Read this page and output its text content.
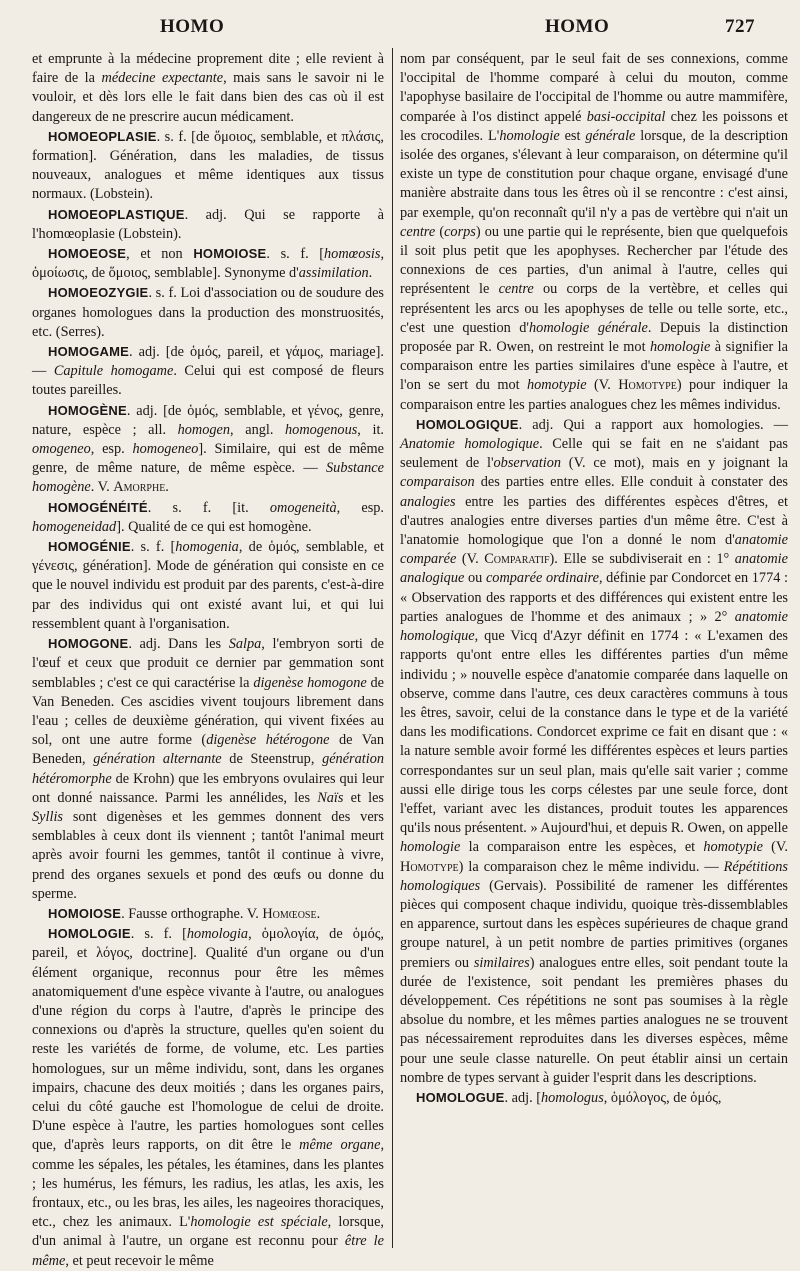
HOMO	HOMO	727

et emprunte à la médecine proprement dite ; elle revient à faire de la médecine expectante, mais sans le savoir ni le vouloir, et dès lors elle le fait dans bien des cas où il est dangereux de ne prescrire aucun médicament.

HOMOEOPLASIE. s. f. [de ὅμοιος, semblable, et πλάσις, formation]. Génération, dans les maladies, de tissus nouveaux, analogues et même identiques aux tissus normaux. (Lobstein).

HOMOEOPLASTIQUE. adj. Qui se rapporte à l'homœoplasie (Lobstein).

HOMOEOSE, et non HOMOIOSE. s. f. [homœosis, ὁμοίωσις, de ὅμοιος, semblable]. Synonyme d'assimilation.

HOMOEOZYGIE. s. f. Loi d'association ou de soudure des organes homologues dans la production des monstruosités, etc. (Serres).

HOMOGAME. adj. [de ὁμός, pareil, et γάμος, mariage]. — Capitule homogame. Celui qui est composé de fleurs toutes pareilles.

HOMOGÈNE. adj. [de ὁμός, semblable, et γένος, genre, nature, espèce ; all. homogen, angl. homogenous, it. omogeneo, esp. homogeneo]. Similaire, qui est de même genre, de même nature, de même espèce. — Substance homogène. V. Amorphe.

HOMOGÉNÉITÉ. s. f. [it. omogeneità, esp. homogeneidad]. Qualité de ce qui est homogène.

HOMOGÉNIE. s. f. [homogenia, de ὁμός, semblable, et γένεσις, génération]. Mode de génération qui consiste en ce que le nouvel individu est produit par des parents, c'est-à-dire par des individus qui ont existé avant lui, et qui lui ressemblent quant à l'organisation.

HOMOGONE. adj. Dans les Salpa, l'embryon sorti de l'œuf et ceux que produit ce dernier par gemmation sont semblables ; c'est ce qui caractérise la digenèse homogone de Van Beneden. Ces ascidies vivent toujours librement dans l'eau ; celles de deuxième génération, qui vivent fixées au sol, ont une autre forme (digenèse hétérogone de Van Beneden, génération alternante de Steenstrup, génération hétéromorphe de Krohn) que les embryons ovulaires qui leur ont donné naissance. Parmi les annélides, les Naïs et les Syllis sont digenèses et les gemmes donnent des vers semblables à ceux dont ils viennent ; tantôt l'animal meurt après avoir fourni les gemmes, tantôt il continue à vivre, prend des organes sexuels et pond des œufs ou donne du sperme.

HOMOIOSE. Fausse orthographe. V. Homœose.

HOMOLOGIE. s. f. [homologia, ὁμολογία, de ὁμός, pareil, et λόγος, doctrine]. Qualité d'un organe ou d'un élément organique, reconnus pour être les mêmes anatomiquement d'une espèce vivante à l'autre, ou analogues d'une région du corps à l'autre, d'après le principe des connexions ou d'après la structure, quelles qu'en soient du reste les variétés de forme, de volume, etc. Les parties homologues, sur un même individu, sont, dans les organes impairs, chacune des deux moitiés ; dans les organes pairs, celui du côté gauche est l'homologue de celui de droite. D'une espèce à l'autre, les parties homologues sont celles que, d'après leurs rapports, on dit être le même organe, comme les sépales, les pétales, les étamines, dans les plantes ; les humérus, les fémurs, les radius, les atlas, les axis, les frontaux, etc., ou les bras, les ailes, les nageoires thoraciques, etc., chez les animaux. L'homologie est spéciale, lorsque, d'un animal à l'autre, un organe est reconnu pour être le même, et peut recevoir le même

nom par conséquent, par le seul fait de ses connexions, comme l'occipital de l'homme comparé à celui du mouton, comme l'apophyse basilaire de l'occipital de l'homme ou autre mammifère, comparée à l'os distinct appelé basi-occipital chez les poissons et les crocodiles. L'homologie est générale lorsque, de la description isolée des organes, s'élevant à leur comparaison, on détermine qu'il existe un type de constitution pour chaque organe, envisagé d'une manière abstraite dans tous les êtres où il se rencontre : c'est ainsi, par exemple, qu'on reconnaît qu'il n'y a pas de vertèbre qui n'ait un centre (corps) ou une partie qui le représente, bien que quelquefois il soit plus petit que les apophyses. Rechercher par l'étude des connexions de ces parties, d'un animal à l'autre, celles qui représentent le centre ou corps de la vertèbre, et celles qui représentent les arcs ou les apophyses de telle ou telle sorte, etc., c'est une question d'homologie générale. Depuis la distinction proposée par R. Owen, on restreint le mot homologie à signifier la comparaison entre les parties similaires d'une espèce à l'autre, et l'on se sert du mot homotypie (V. Homotype) pour indiquer la comparaison entre les parties analogues chez les mêmes individus.

HOMOLOGIQUE. adj. Qui a rapport aux homologies. — Anatomie homologique. Celle qui se fait en ne s'aidant pas seulement de l'observation (V. ce mot), mais en y joignant la comparaison des parties entre elles. Elle conduit à constater des analogies entre les parties des différentes espèces d'êtres, et d'autres analogies entre diverses parties d'un même être. C'est à l'anatomie homologique que l'on a donné le nom d'anatomie comparée (V. Comparatif). Elle se subdiviserait en : 1° anatomie analogique ou comparée ordinaire, définie par Condorcet en 1774 : « Observation des rapports et des différences qui existent entre les parties analogues de l'homme et des animaux ; » 2° anatomie homologique, que Vicq d'Azyr définit en 1774 : « L'examen des rapports qu'ont entre elles les différentes parties d'un même individu ; » nouvelle espèce d'anatomie comparée dans laquelle on observe, comme dans l'autre, ces deux caractères communs à tous les êtres, savoir, celui de la constance dans le type et de la variété dans les modifications. Condorcet exprime ce fait en disant que : « la nature semble avoir formé les différentes espèces et leurs parties correspondantes sur un seul plan, mais qu'elle sait varier ; comme aussi elle dirige tous les corps célestes par une seule force, dont l'effet, variant avec les distances, produit toutes les apparences qu'ils nous présentent. » Aujourd'hui, et depuis R. Owen, on appelle homologie la comparaison entre les espèces, et homotypie (V. Homotype) la comparaison chez le même individu. — Répétitions homologiques (Gervais). Possibilité de ramener les différentes pièces qui composent chaque individu, quoique très-dissemblables en apparence, surtout dans les espèces supérieures de chaque grand groupe naturel, à un petit nombre de parties primitives (organes premiers ou similaires) analogues entre elles, soit pendant toute la durée de l'existence, soit pendant les premières phases du développement. Ces répétitions ne sont pas soumises à la règle absolue du nombre, et les mêmes parties analogues ne se trouvent pas nécessairement reproduites dans les diverses espèces, même pour une seule classe naturelle. On peut établir ainsi un certain nombre de types servant à guider l'esprit dans les descriptions.

HOMOLOGUE. adj. [homologus, ὁμόλογος, de ὁμός,
